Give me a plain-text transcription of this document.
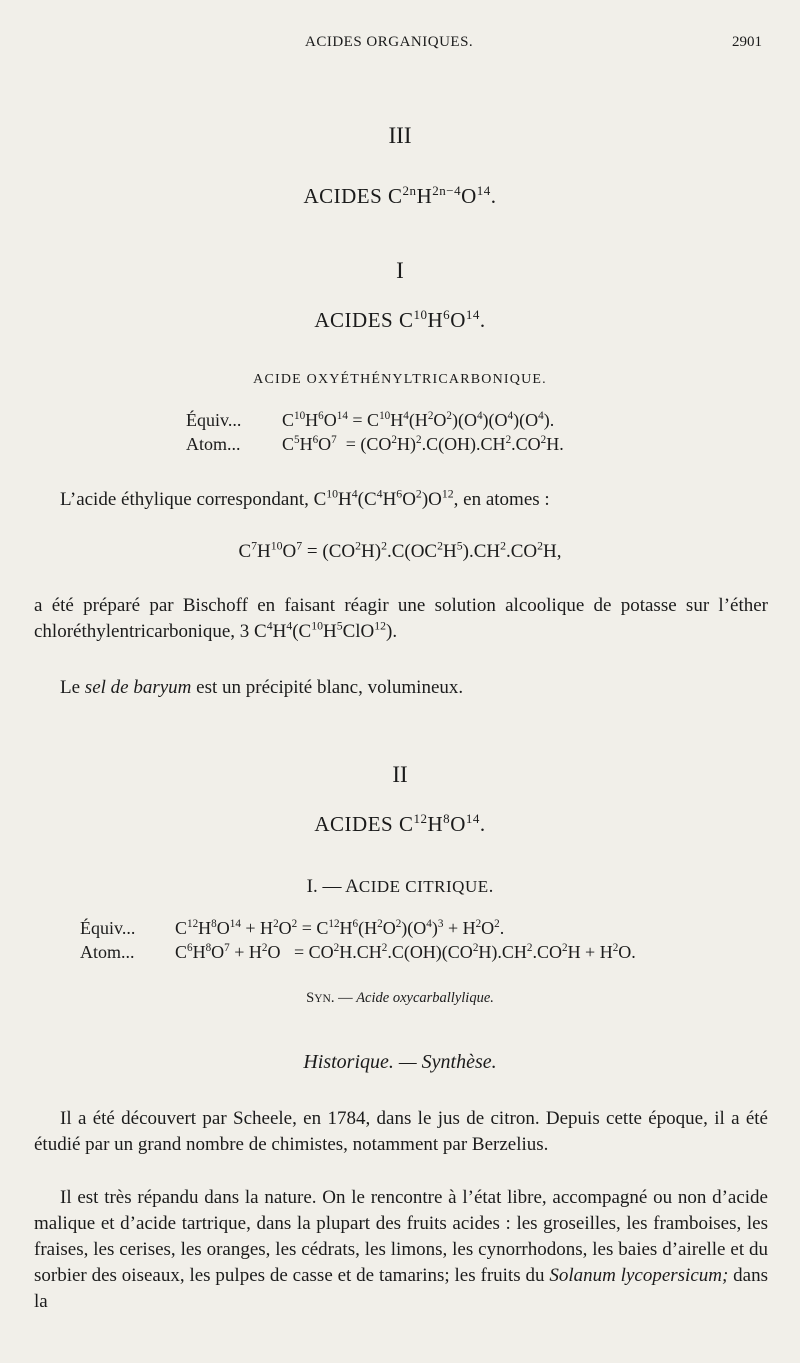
ACIDES ORGANIQUES.	2901
III
ACIDES $C^{2n}H^{2n-4}O^{14}$.
I
ACIDES $C^{10}H^6O^{14}$.
ACIDE OXYÉTHÉNYLTRICARBONIQUE.
Équiv... $C^{10}H^6O^{14} = C^{10}H^4(H^2O^2)(O^4)(O^4)(O^4)$.
Atom... $C^5H^6O^7 = (CO^2H)^2.C(OH).CH^2.CO^2H$.
L’acide éthylique correspondant, $C^{10}H^4(C^4H^6O^2)O^{12}$, en atomes :
$C^7H^{10}O^7 = (CO^2H)^2.C(OC^2H^5).CH^2.CO^2H$,
a été préparé par Bischoff en faisant réagir une solution alcoolique de potasse sur l’éther chloréthylentricarbonique, 3 $C^4H^4(C^{10}H^5ClO^{12})$.
Le sel de baryum est un précipité blanc, volumineux.
II
ACIDES $C^{12}H^8O^{14}$.
I. — ACIDE CITRIQUE.
Équiv... $C^{12}H^8O^{14} + H^2O^2 = C^{12}H^6(H^2O^2)(O^4)^3 + H^2O^2$.
Atom... $C^6H^8O^7 + H^2O = CO^2H.CH^2.C(OH)(CO^2H).CH^2.CO^2H + H^2O$.
SYN. — Acide oxycarballylique.
Historique. — Synthèse.
Il a été découvert par Scheele, en 1784, dans le jus de citron. Depuis cette époque, il a été étudié par un grand nombre de chimistes, notamment par Berzelius.
Il est très répandu dans la nature. On le rencontre à l’état libre, accompagné ou non d’acide malique et d’acide tartrique, dans la plupart des fruits acides : les groseilles, les framboises, les fraises, les cerises, les oranges, les cédrats, les limons, les cynorrhodons, les baies d’airelle et du sorbier des oiseaux, les pulpes de casse et de tamarins; les fruits du Solanum lycopersicum; dans la
